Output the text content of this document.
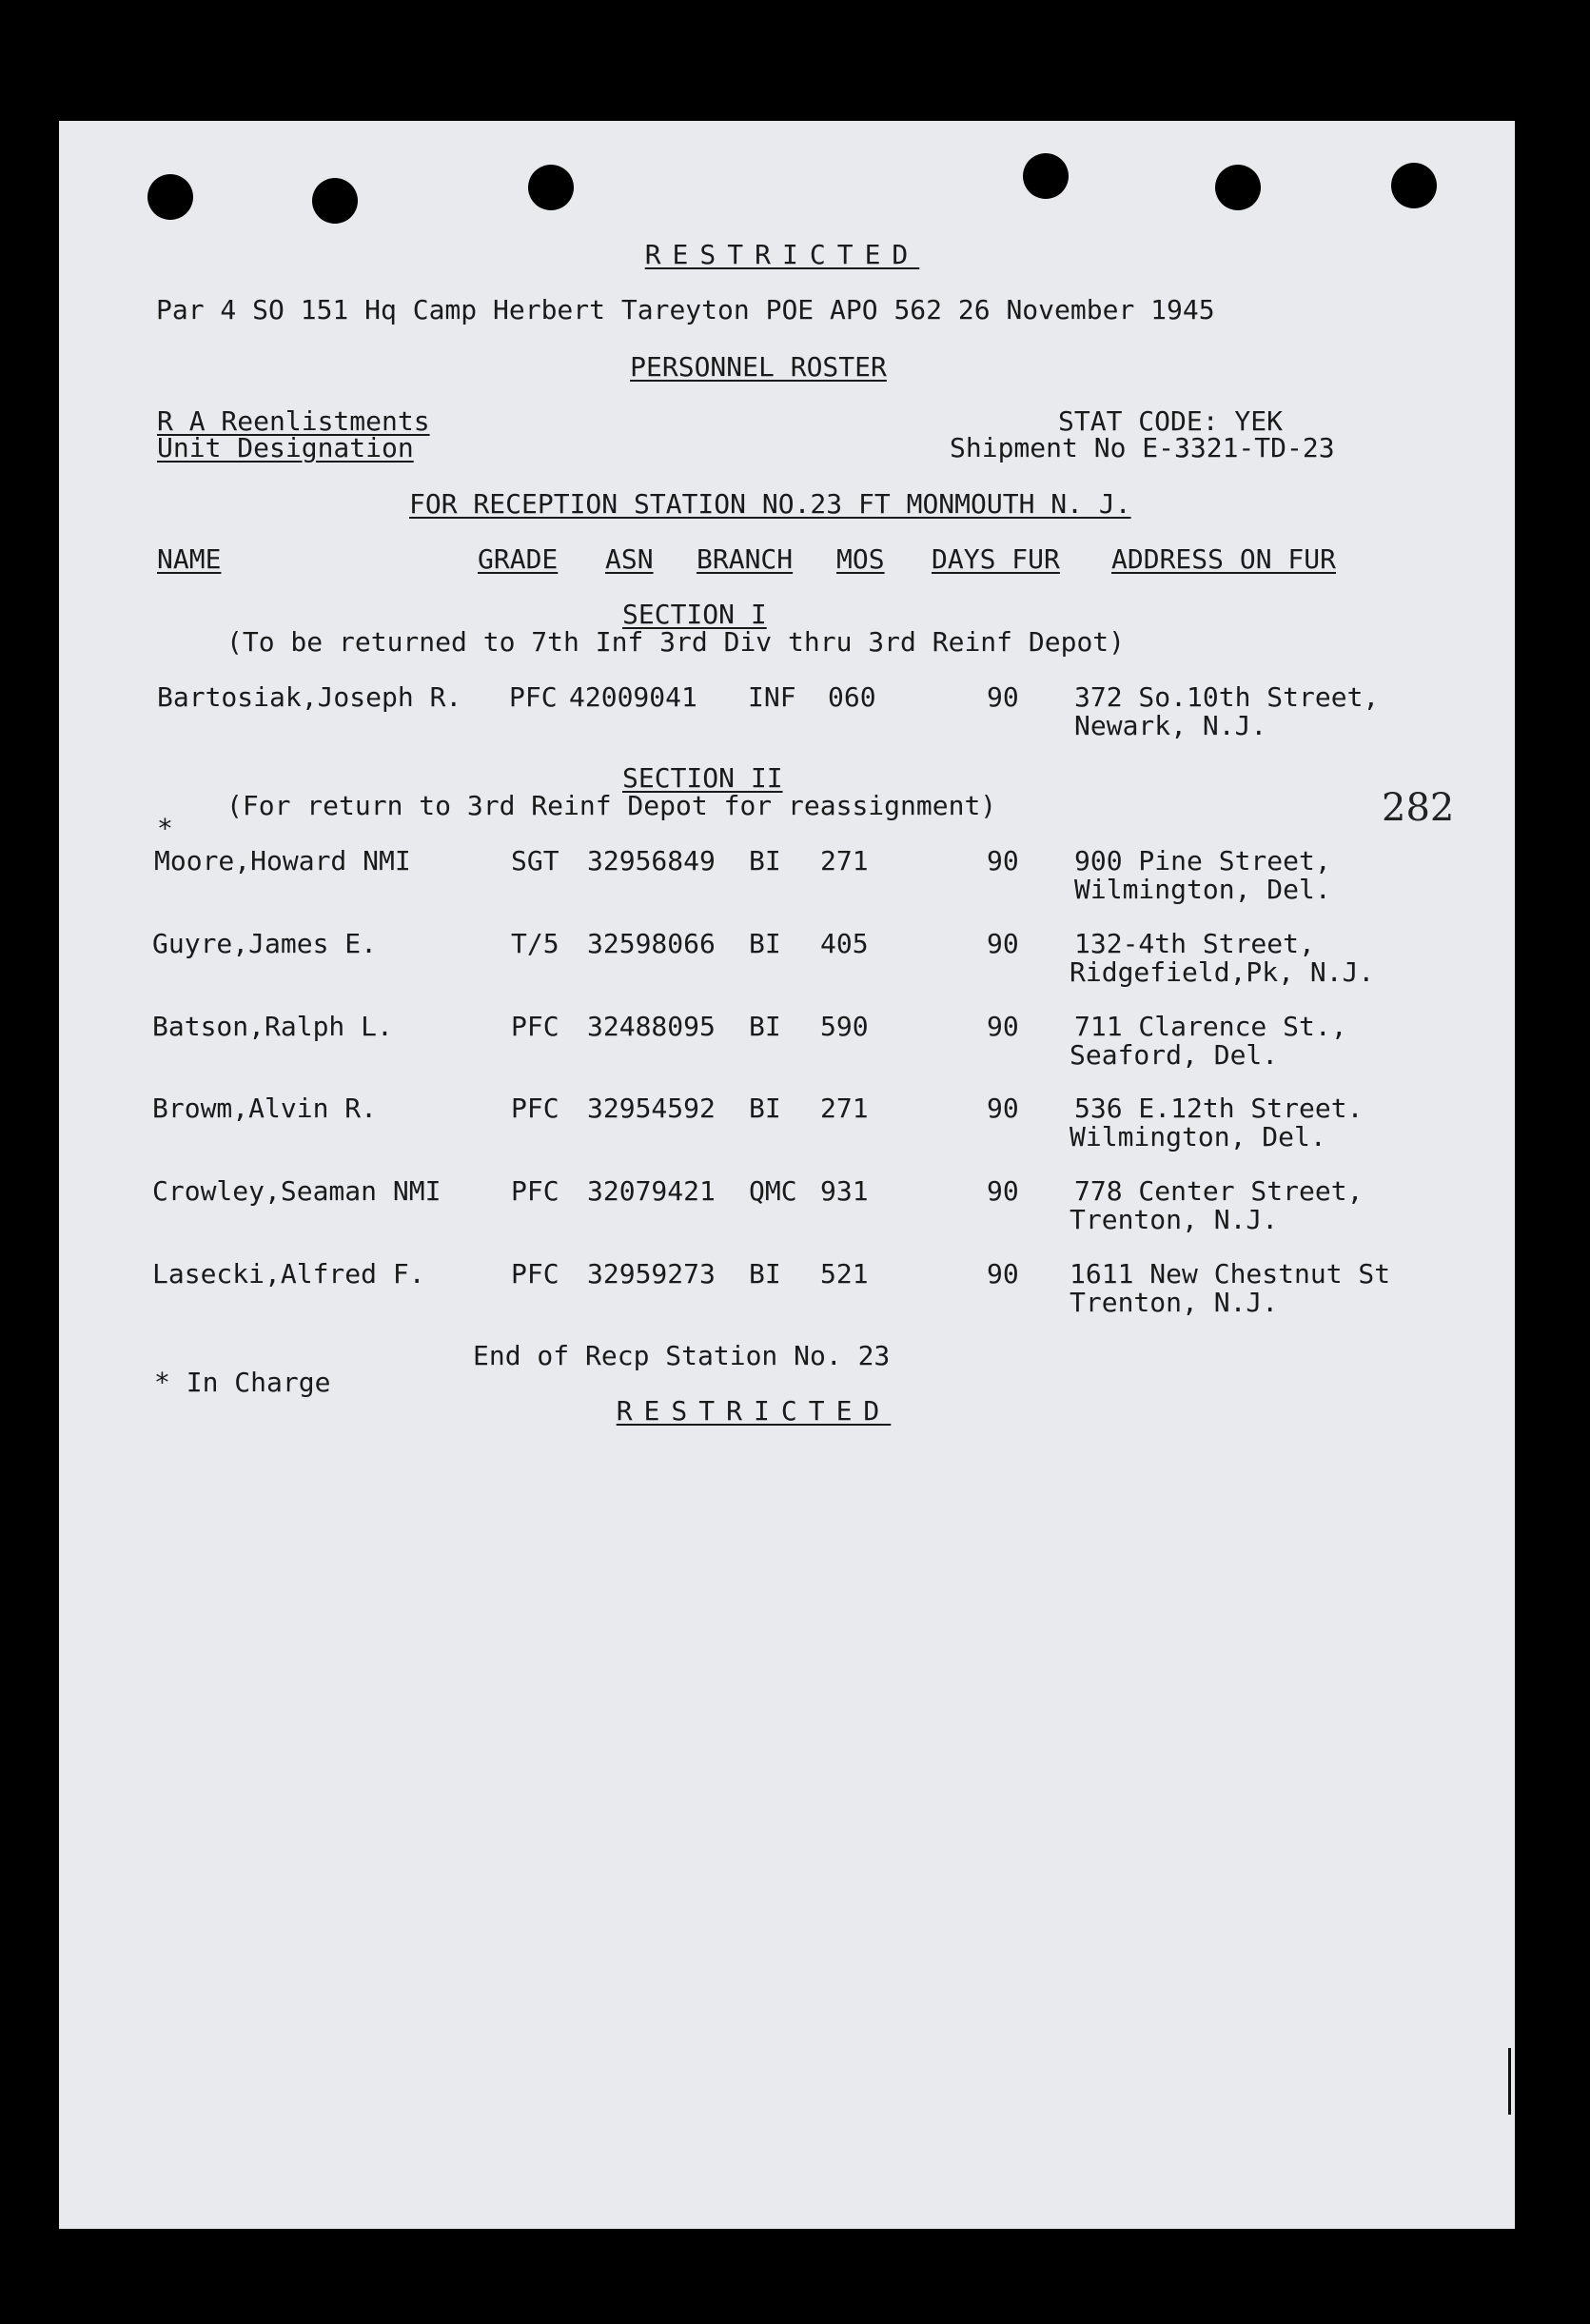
RESTRICTED
Par 4 SO 151 Hq Camp Herbert Tareyton POE APO 562 26 November 1945
PERSONNEL ROSTER
R A Reenlistments
Unit Designation
STAT CODE: YEK
Shipment No E-3321-TD-23
FOR RECEPTION STATION NO.23 FT MONMOUTH N. J.
NAME	GRADE ASN BRANCH MOS DAYS FUR ADDRESS ON FUR
SECTION I
(To be returned to 7th Inf 3rd Div thru 3rd Reinf Depot)
Bartosiak,Joseph R. PFC 42009041 INF 060	90 372 So.10th Street,
Newark, N.J.
SECTION II
(For return to 3rd Reinf Depot for reassignment)
*	282
Moore,Howard NMI	SGT 32956849 BI 271	90 900 Pine Street,
Wilmington, Del.
Guyre,James E.	T/5 32598066 BI 405	90 132-4th Street,
Ridgefield,Pk, N.J.
Batson,Ralph L.	PFC 32488095 BI 590	90 711 Clarence St.,
Seaford, Del.
Browm,Alvin R.	PFC 32954592 BI 271	90 536 E.12th Street.
Wilmington, Del.
Crowley,Seaman NMI	PFC 32079421 QMC 931	90 778 Center Street,
Trenton, N.J.
Lasecki,Alfred F.	PFC 32959273 BI 521	90 1611 New Chestnut St
Trenton, N.J.
End of Recp Station No. 23
* In Charge
RESTRICTED
